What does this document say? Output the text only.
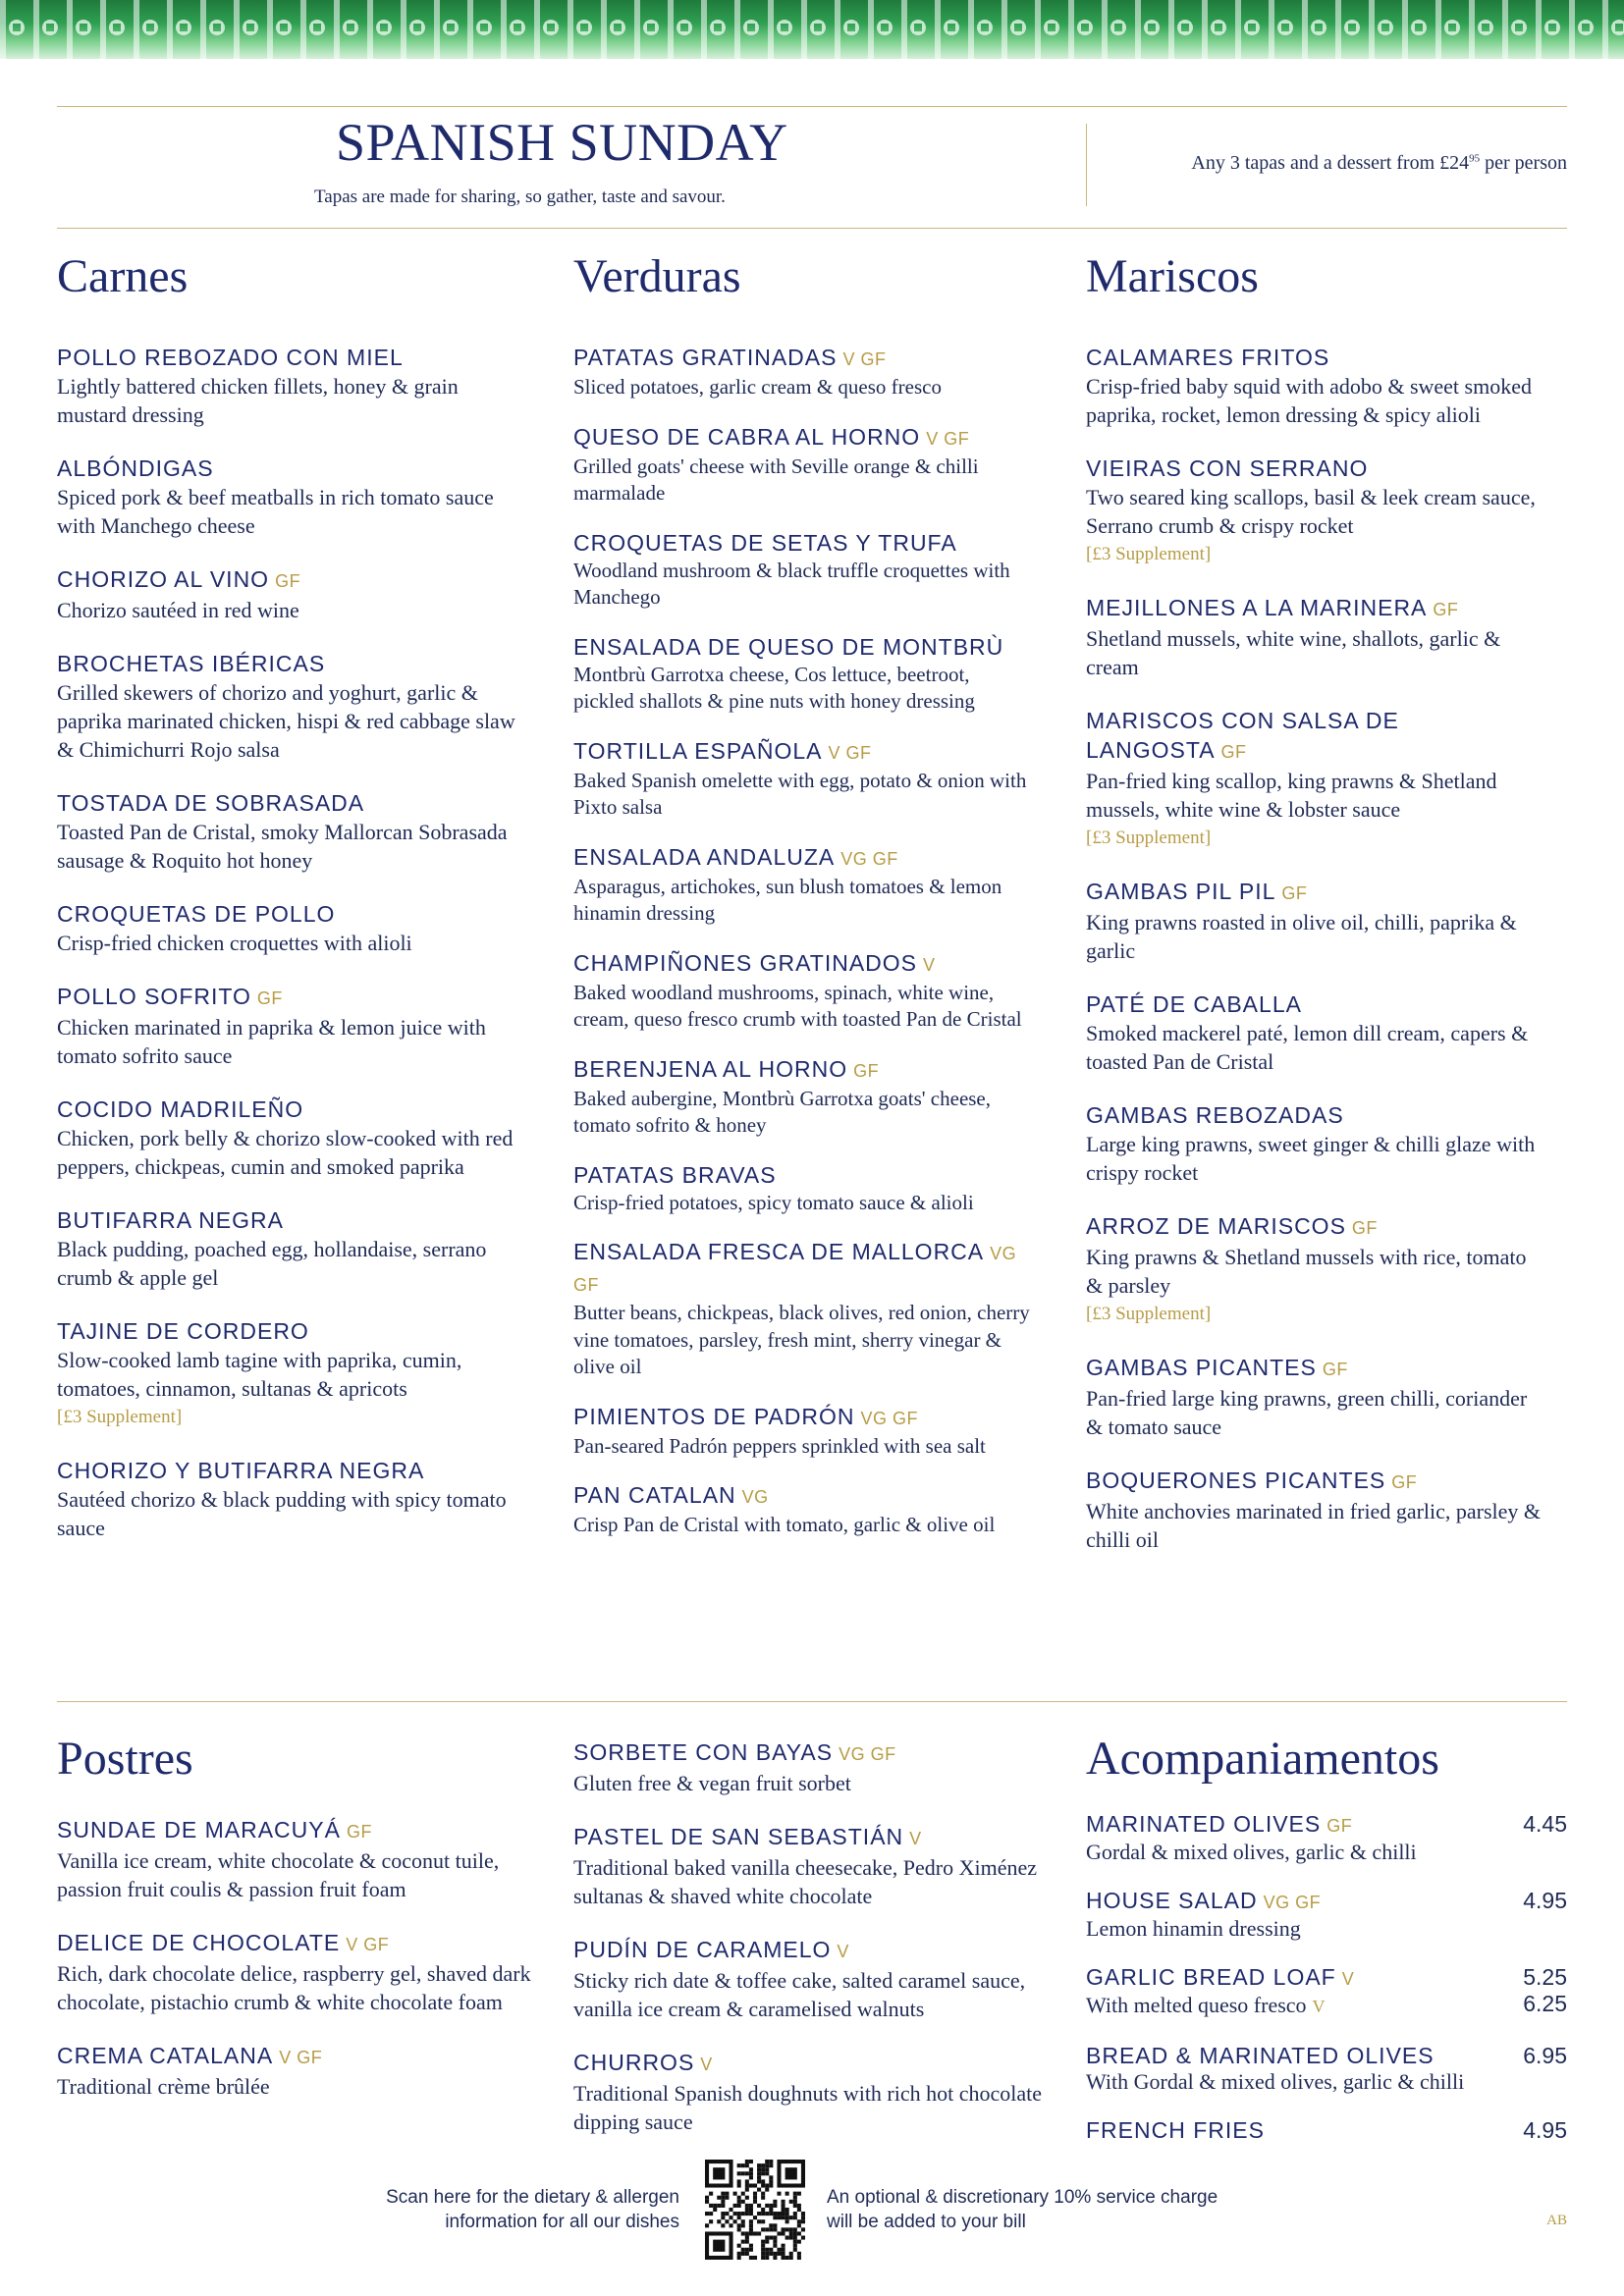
SPANISH SUNDAY
Tapas are made for sharing, so gather, taste and savour.
Any 3 tapas and a dessert from $£24^{95}$ per person
Carnes
POLLO REBOZADO CON MIEL
Lightly battered chicken fillets, honey & grain mustard dressing
ALBÓNDIGAS
Spiced pork & beef meatballs in rich tomato sauce with Manchego cheese
CHORIZO AL VINO GF
Chorizo sautéed in red wine
BROCHETAS IBÉRICAS
Grilled skewers of chorizo and yoghurt, garlic & paprika marinated chicken, hispi & red cabbage slaw & Chimichurri Rojo salsa
TOSTADA DE SOBRASADA
Toasted Pan de Cristal, smoky Mallorcan Sobrasada sausage & Roquito hot honey
CROQUETAS DE POLLO
Crisp-fried chicken croquettes with alioli
POLLO SOFRITO GF
Chicken marinated in paprika & lemon juice with tomato sofrito sauce
COCIDO MADRILEÑO
Chicken, pork belly & chorizo slow-cooked with red peppers, chickpeas, cumin and smoked paprika
BUTIFARRA NEGRA
Black pudding, poached egg, hollandaise, serrano crumb & apple gel
TAJINE DE CORDERO
Slow-cooked lamb tagine with paprika, cumin, tomatoes, cinnamon, sultanas & apricots
[£3 Supplement]
CHORIZO Y BUTIFARRA NEGRA
Sautéed chorizo & black pudding with spicy tomato sauce
Verduras
PATATAS GRATINADAS V GF
Sliced potatoes, garlic cream & queso fresco
QUESO DE CABRA AL HORNO V GF
Grilled goats' cheese with Seville orange & chilli marmalade
CROQUETAS DE SETAS Y TRUFA
Woodland mushroom & black truffle croquettes with Manchego
ENSALADA DE QUESO DE MONTBRÙ
Montbrù Garrotxa cheese, Cos lettuce, beetroot, pickled shallots & pine nuts with honey dressing
TORTILLA ESPAÑOLA V GF
Baked Spanish omelette with egg, potato & onion with Pixto salsa
ENSALADA ANDALUZA VG GF
Asparagus, artichokes, sun blush tomatoes & lemon hinamin dressing
CHAMPIÑONES GRATINADOS V
Baked woodland mushrooms, spinach, white wine, cream, queso fresco crumb with toasted Pan de Cristal
BERENJENA AL HORNO GF
Baked aubergine, Montbrù Garrotxa goats' cheese, tomato sofrito & honey
PATATAS BRAVAS
Crisp-fried potatoes, spicy tomato sauce & alioli
ENSALADA FRESCA DE MALLORCA VG GF
Butter beans, chickpeas, black olives, red onion, cherry vine tomatoes, parsley, fresh mint, sherry vinegar & olive oil
PIMIENTOS DE PADRÓN VG GF
Pan-seared Padrón peppers sprinkled with sea salt
PAN CATALAN VG
Crisp Pan de Cristal with tomato, garlic & olive oil
Mariscos
CALAMARES FRITOS
Crisp-fried baby squid with adobo & sweet smoked paprika, rocket, lemon dressing & spicy alioli
VIEIRAS CON SERRANO
Two seared king scallops, basil & leek cream sauce, Serrano crumb & crispy rocket
[£3 Supplement]
MEJILLONES A LA MARINERA GF
Shetland mussels, white wine, shallots, garlic & cream
MARISCOS CON SALSA DE LANGOSTA GF
Pan-fried king scallop, king prawns & Shetland mussels, white wine & lobster sauce
[£3 Supplement]
GAMBAS PIL PIL GF
King prawns roasted in olive oil, chilli, paprika & garlic
PATÉ DE CABALLA
Smoked mackerel paté, lemon dill cream, capers & toasted Pan de Cristal
GAMBAS REBOZADAS
Large king prawns, sweet ginger & chilli glaze with crispy rocket
ARROZ DE MARISCOS GF
King prawns & Shetland mussels with rice, tomato & parsley
[£3 Supplement]
GAMBAS PICANTES GF
Pan-fried large king prawns, green chilli, coriander & tomato sauce
BOQUERONES PICANTES GF
White anchovies marinated in fried garlic, parsley & chilli oil
Postres
SUNDAE DE MARACUYÁ GF
Vanilla ice cream, white chocolate & coconut tuile, passion fruit coulis & passion fruit foam
DELICE DE CHOCOLATE V GF
Rich, dark chocolate delice, raspberry gel, shaved dark chocolate, pistachio crumb & white chocolate foam
CREMA CATALANA V GF
Traditional crème brûlée
SORBETE CON BAYAS VG GF
Gluten free & vegan fruit sorbet
PASTEL DE SAN SEBASTIÁN V
Traditional baked vanilla cheesecake, Pedro Ximénez sultanas & shaved white chocolate
PUDÍN DE CARAMELO V
Sticky rich date & toffee cake, salted caramel sauce, vanilla ice cream & caramelised walnuts
CHURROS V
Traditional Spanish doughnuts with rich hot chocolate dipping sauce
Acompaniamentos
MARINATED OLIVES GF
Gordal & mixed olives, garlic & chilli
4.45
HOUSE SALAD VG GF
Lemon hinamin dressing
4.95
GARLIC BREAD LOAF V
With melted queso fresco V
5.25
6.25
BREAD & MARINATED OLIVES
With Gordal & mixed olives, garlic & chilli
6.95
FRENCH FRIES	4.95
Scan here for the dietary & allergen information for all our dishes
An optional & discretionary 10% service charge will be added to your bill	AB
